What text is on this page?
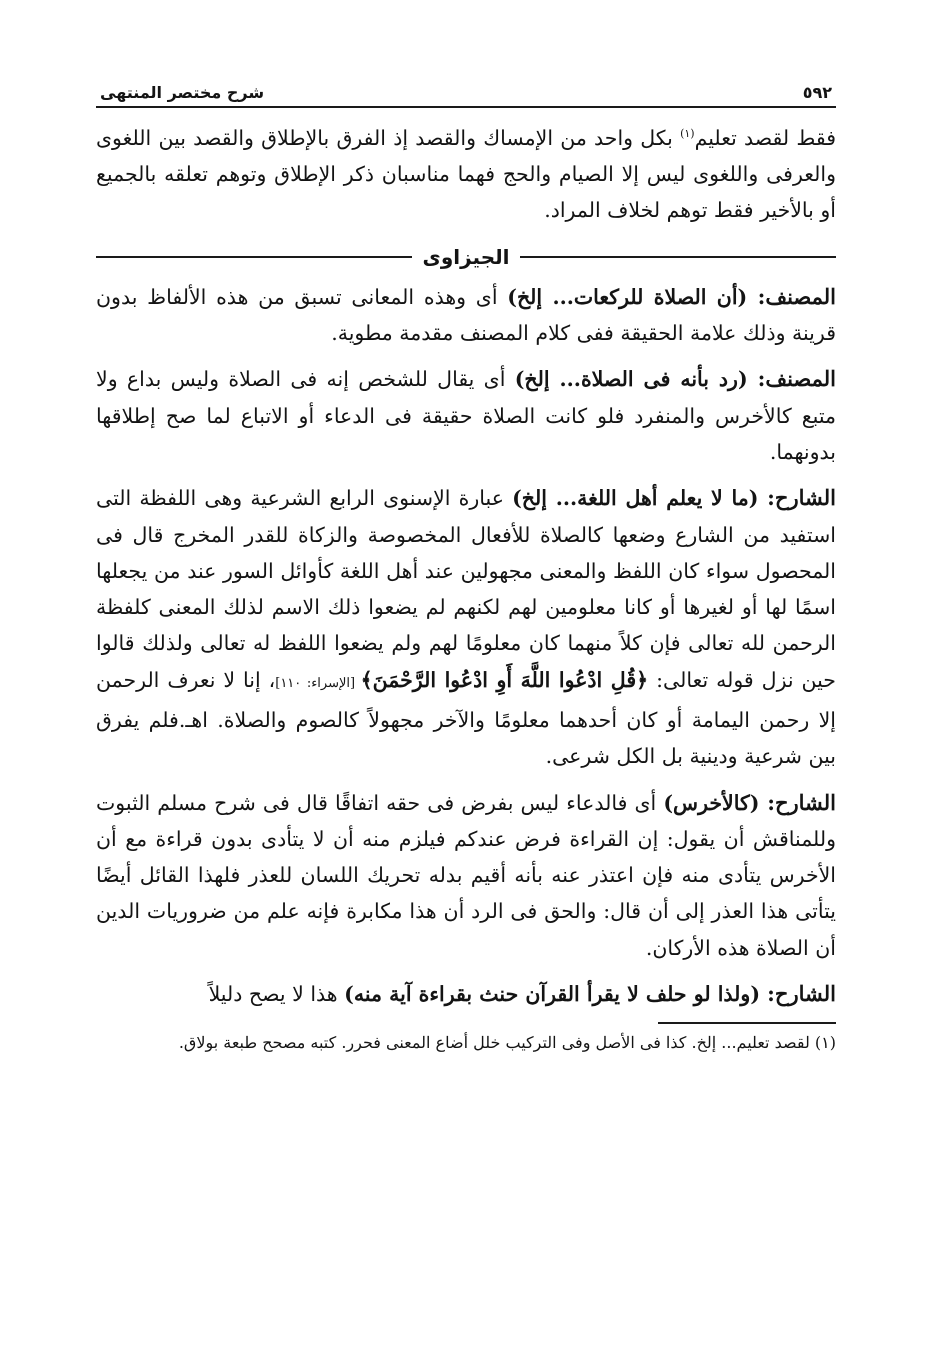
٥٩٢
شرح مختصر المنتهى

فقط لقصد تعليم$^{(١)}$ بكل واحد من الإمساك والقصد إذ الفرق بالإطلاق والقصد بين اللغوى والعرفى واللغوى ليس إلا الصيام والحج فهما مناسبان ذكر الإطلاق وتوهم تعلقه بالجميع أو بالأخير فقط توهم لخلاف المراد.

الجيزاوى

المصنف: (أن الصلاة للركعات... إلخ) أى وهذه المعانى تسبق من هذه الألفاظ بدون قرينة وذلك علامة الحقيقة ففى كلام المصنف مقدمة مطوية.

المصنف: (رد بأنه فى الصلاة... إلخ) أى يقال للشخص إنه فى الصلاة وليس بداع ولا متبع كالأخرس والمنفرد فلو كانت الصلاة حقيقة فى الدعاء أو الاتباع لما صح إطلاقها بدونهما.

الشارح: (ما لا يعلم أهل اللغة... إلخ) عبارة الإسنوى الرابع الشرعية وهى اللفظة التى استفيد من الشارع وضعها كالصلاة للأفعال المخصوصة والزكاة للقدر المخرج قال فى المحصول سواء كان اللفظ والمعنى مجهولين عند أهل اللغة كأوائل السور عند من يجعلها اسمًا لها أو لغيرها أو كانا معلومين لهم لكنهم لم يضعوا ذلك الاسم لذلك المعنى كلفظة الرحمن لله تعالى فإن كلاً منهما كان معلومًا لهم ولم يضعوا اللفظ له تعالى ولذلك قالوا حين نزل قوله تعالى: ﴿قُلِ ادْعُوا اللَّهَ أَوِ ادْعُوا الرَّحْمَنَ﴾ [الإسراء: ١١٠]، إنا لا نعرف الرحمن إلا رحمن اليمامة أو كان أحدهما معلومًا والآخر مجهولاً كالصوم والصلاة. اهـ.فلم يفرق بين شرعية ودينية بل الكل شرعى.

الشارح: (كالأخرس) أى فالدعاء ليس بفرض فى حقه اتفاقًا قال فى شرح مسلم الثبوت وللمناقش أن يقول: إن القراءة فرض عندكم فيلزم منه أن لا يتأدى بدون قراءة مع أن الأخرس يتأدى منه فإن اعتذر عنه بأنه أقيم بدله تحريك اللسان للعذر فلهذا القائل أيضًا يتأتى هذا العذر إلى أن قال: والحق فى الرد أن هذا مكابرة فإنه علم من ضروريات الدين أن الصلاة هذه الأركان.

الشارح: (ولذا لو حلف لا يقرأ القرآن حنث بقراءة آية منه) هذا لا يصح دليلاً

(١) لقصد تعليم... إلخ. كذا فى الأصل وفى التركيب خلل أضاع المعنى فحرر. كتبه مصحح طبعة بولاق.
